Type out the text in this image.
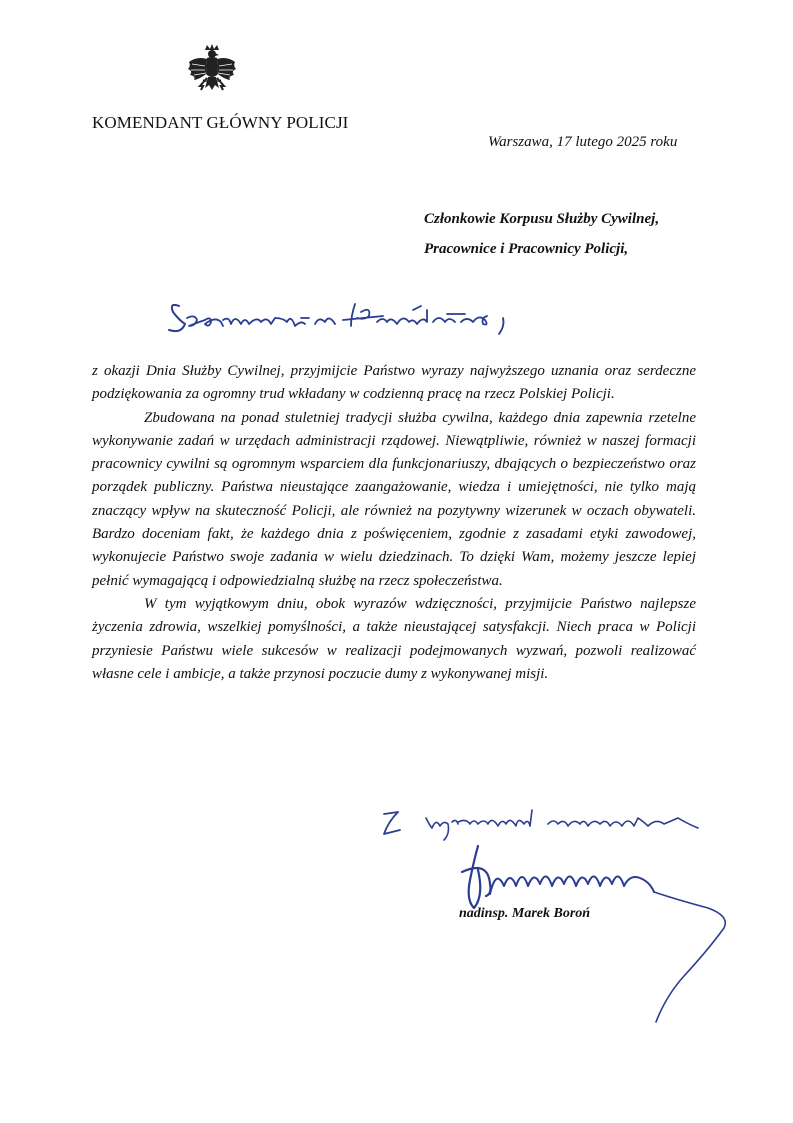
KOMENDANT GŁÓWNY POLICJI
Warszawa, 17 lutego 2025 roku
Członkowie Korpusu Służby Cywilnej,
Pracownice i Pracownicy Policji,

z okazji Dnia Służby Cywilnej, przyjmijcie Państwo wyrazy najwyższego uznania oraz serdeczne podziękowania za ogromny trud wkładany w codzienną pracę na rzecz Polskiej Policji.

Zbudowana na ponad stuletniej tradycji służba cywilna, każdego dnia zapewnia rzetelne wykonywanie zadań w urzędach administracji rządowej. Niewątpliwie, również w naszej formacji pracownicy cywilni są ogromnym wsparciem dla funkcjonariuszy, dbających o bezpieczeństwo oraz porządek publiczny. Państwa nieustające zaangażowanie, wiedza i umiejętności, nie tylko mają znaczący wpływ na skuteczność Policji, ale również na pozytywny wizerunek w oczach obywateli. Bardzo doceniam fakt, że każdego dnia z poświęceniem, zgodnie z zasadami etyki zawodowej, wykonujecie Państwo swoje zadania w wielu dziedzinach. To dzięki Wam, możemy jeszcze lepiej pełnić wymagającą i odpowiedzialną służbę na rzecz społeczeństwa.

W tym wyjątkowym dniu, obok wyrazów wdzięczności, przyjmijcie Państwo najlepsze życzenia zdrowia, wszelkiej pomyślności, a także nieustającej satysfakcji. Niech praca w Policji przyniesie Państwu wiele sukcesów w realizacji podejmowanych wyzwań, pozwoli realizować własne cele i ambicje, a także przynosi poczucie dumy z wykonywanej misji.

nadinsp. Marek Boroń
